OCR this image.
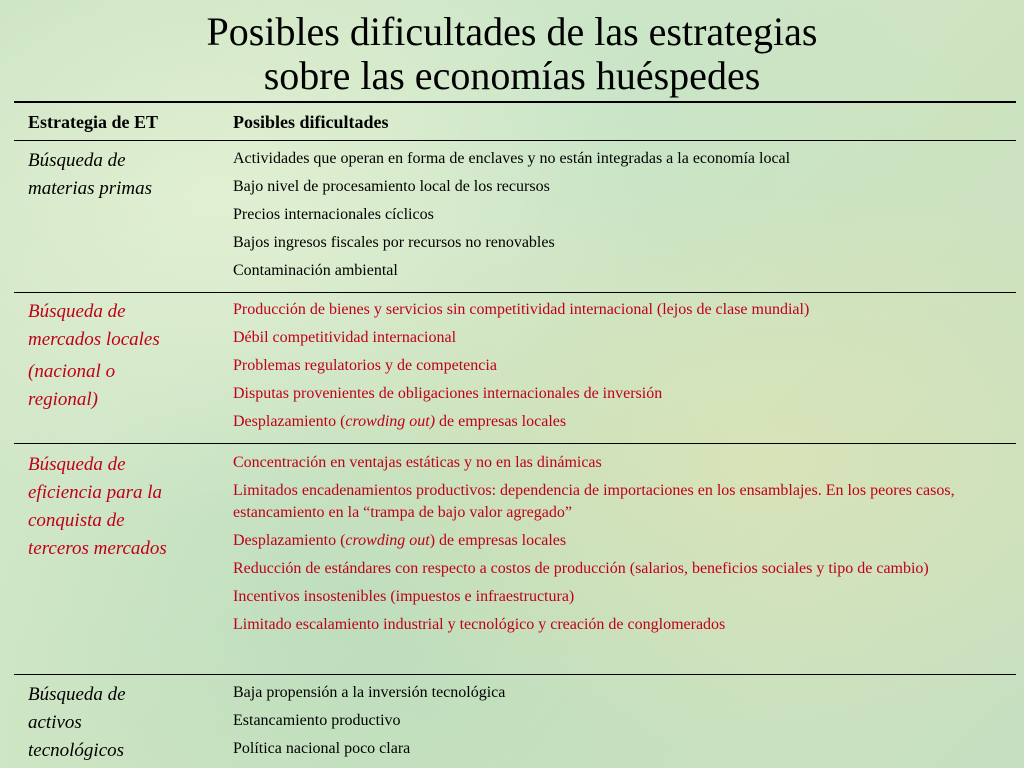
Posibles dificultades de las estrategias
sobre las economías huéspedes
Estrategia de ET	Posibles dificultades
Búsqueda de
materias primas
Actividades que operan en forma de enclaves y no están integradas a la economía local
Bajo nivel de procesamiento local de los recursos
Precios internacionales cíclicos
Bajos ingresos fiscales por recursos no renovables
Contaminación ambiental
Búsqueda de
mercados locales
(nacional o
regional)
Producción de bienes y servicios sin competitividad internacional (lejos de clase mundial)
Débil competitividad internacional
Problemas regulatorios y de competencia
Disputas provenientes de obligaciones internacionales de inversión
Desplazamiento (crowding out) de empresas locales
Búsqueda de
eficiencia para la
conquista de
terceros mercados
Concentración en ventajas estáticas y no en las dinámicas
Limitados encadenamientos productivos: dependencia de importaciones en los ensamblajes. En los peores casos, estancamiento en la “trampa de bajo valor agregado”
Desplazamiento (crowding out) de empresas locales
Reducción de estándares con respecto a costos de producción (salarios, beneficios sociales y tipo de cambio)
Incentivos insostenibles (impuestos e infraestructura)
Limitado escalamiento industrial y tecnológico y creación de conglomerados
Búsqueda de
activos
tecnológicos
Baja propensión a la inversión tecnológica
Estancamiento productivo
Política nacional poco clara
